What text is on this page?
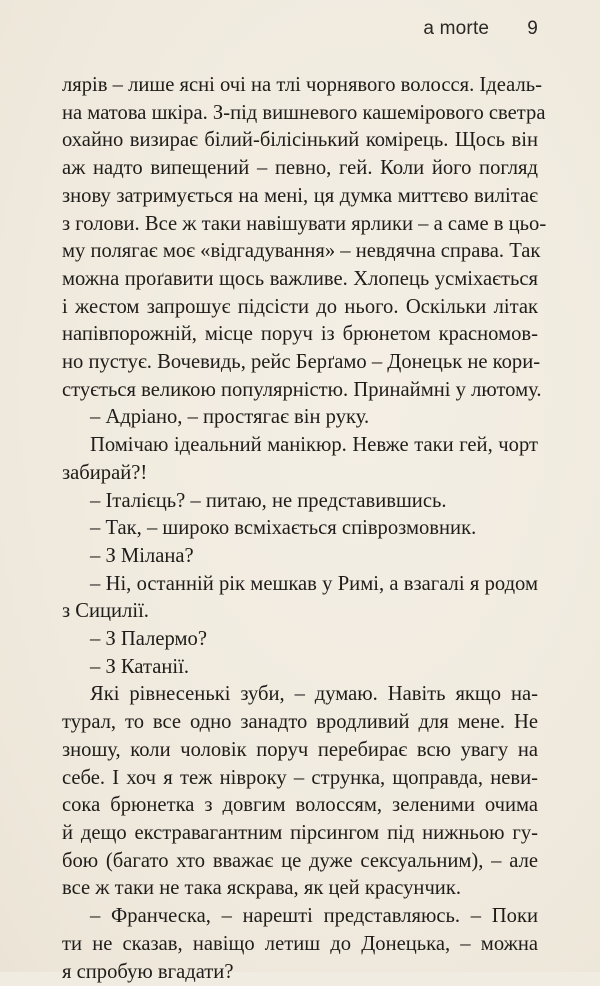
a morte 9
лярів – лише ясні очі на тлі чорнявого волосся. Ідеаль-
на матова шкіра. З-під вишневого кашемірового светра
охайно визирає білий-білісінький комірець. Щось він
аж надто випещений – певно, гей. Коли його погляд
знову затримується на мені, ця думка миттєво вилітає
з голови. Все ж таки навішувати ярлики – а саме в цьо-
му полягає моє «відгадування» – невдячна справа. Так
можна проґавити щось важливе. Хлопець усміхається
і жестом запрошує підсісти до нього. Оскільки літак
напівпорожній, місце поруч із брюнетом красномов-
но пустує. Вочевидь, рейс Берґамо – Донецьк не кори-
стується великою популярністю. Принаймні у лютому.
– Адріано, – простягає він руку.
Помічаю ідеальний манікюр. Невже таки гей, чорт
забирай?!
– Італієць? – питаю, не представившись.
– Так, – широко всміхається співрозмовник.
– З Мілана?
– Ні, останній рік мешкав у Римі, а взагалі я родом
з Сицилії.
– З Палермо?
– З Катанії.
Які рівнесенькі зуби, – думаю. Навіть якщо на-
турал, то все одно занадто вродливий для мене. Не
зношу, коли чоловік поруч перебирає всю увагу на
себе. І хоч я теж нівроку – струнка, щоправда, неви-
сока брюнетка з довгим волоссям, зеленими очима
й дещо екстравагантним пірсингом під нижньою гу-
бою (багато хто вважає це дуже сексуальним), – але
все ж таки не така яскрава, як цей красунчик.
– Франческа, – нарешті представляюсь. – Поки
ти не сказав, навіщо летиш до Донецька, – можна
я спробую вгадати?
